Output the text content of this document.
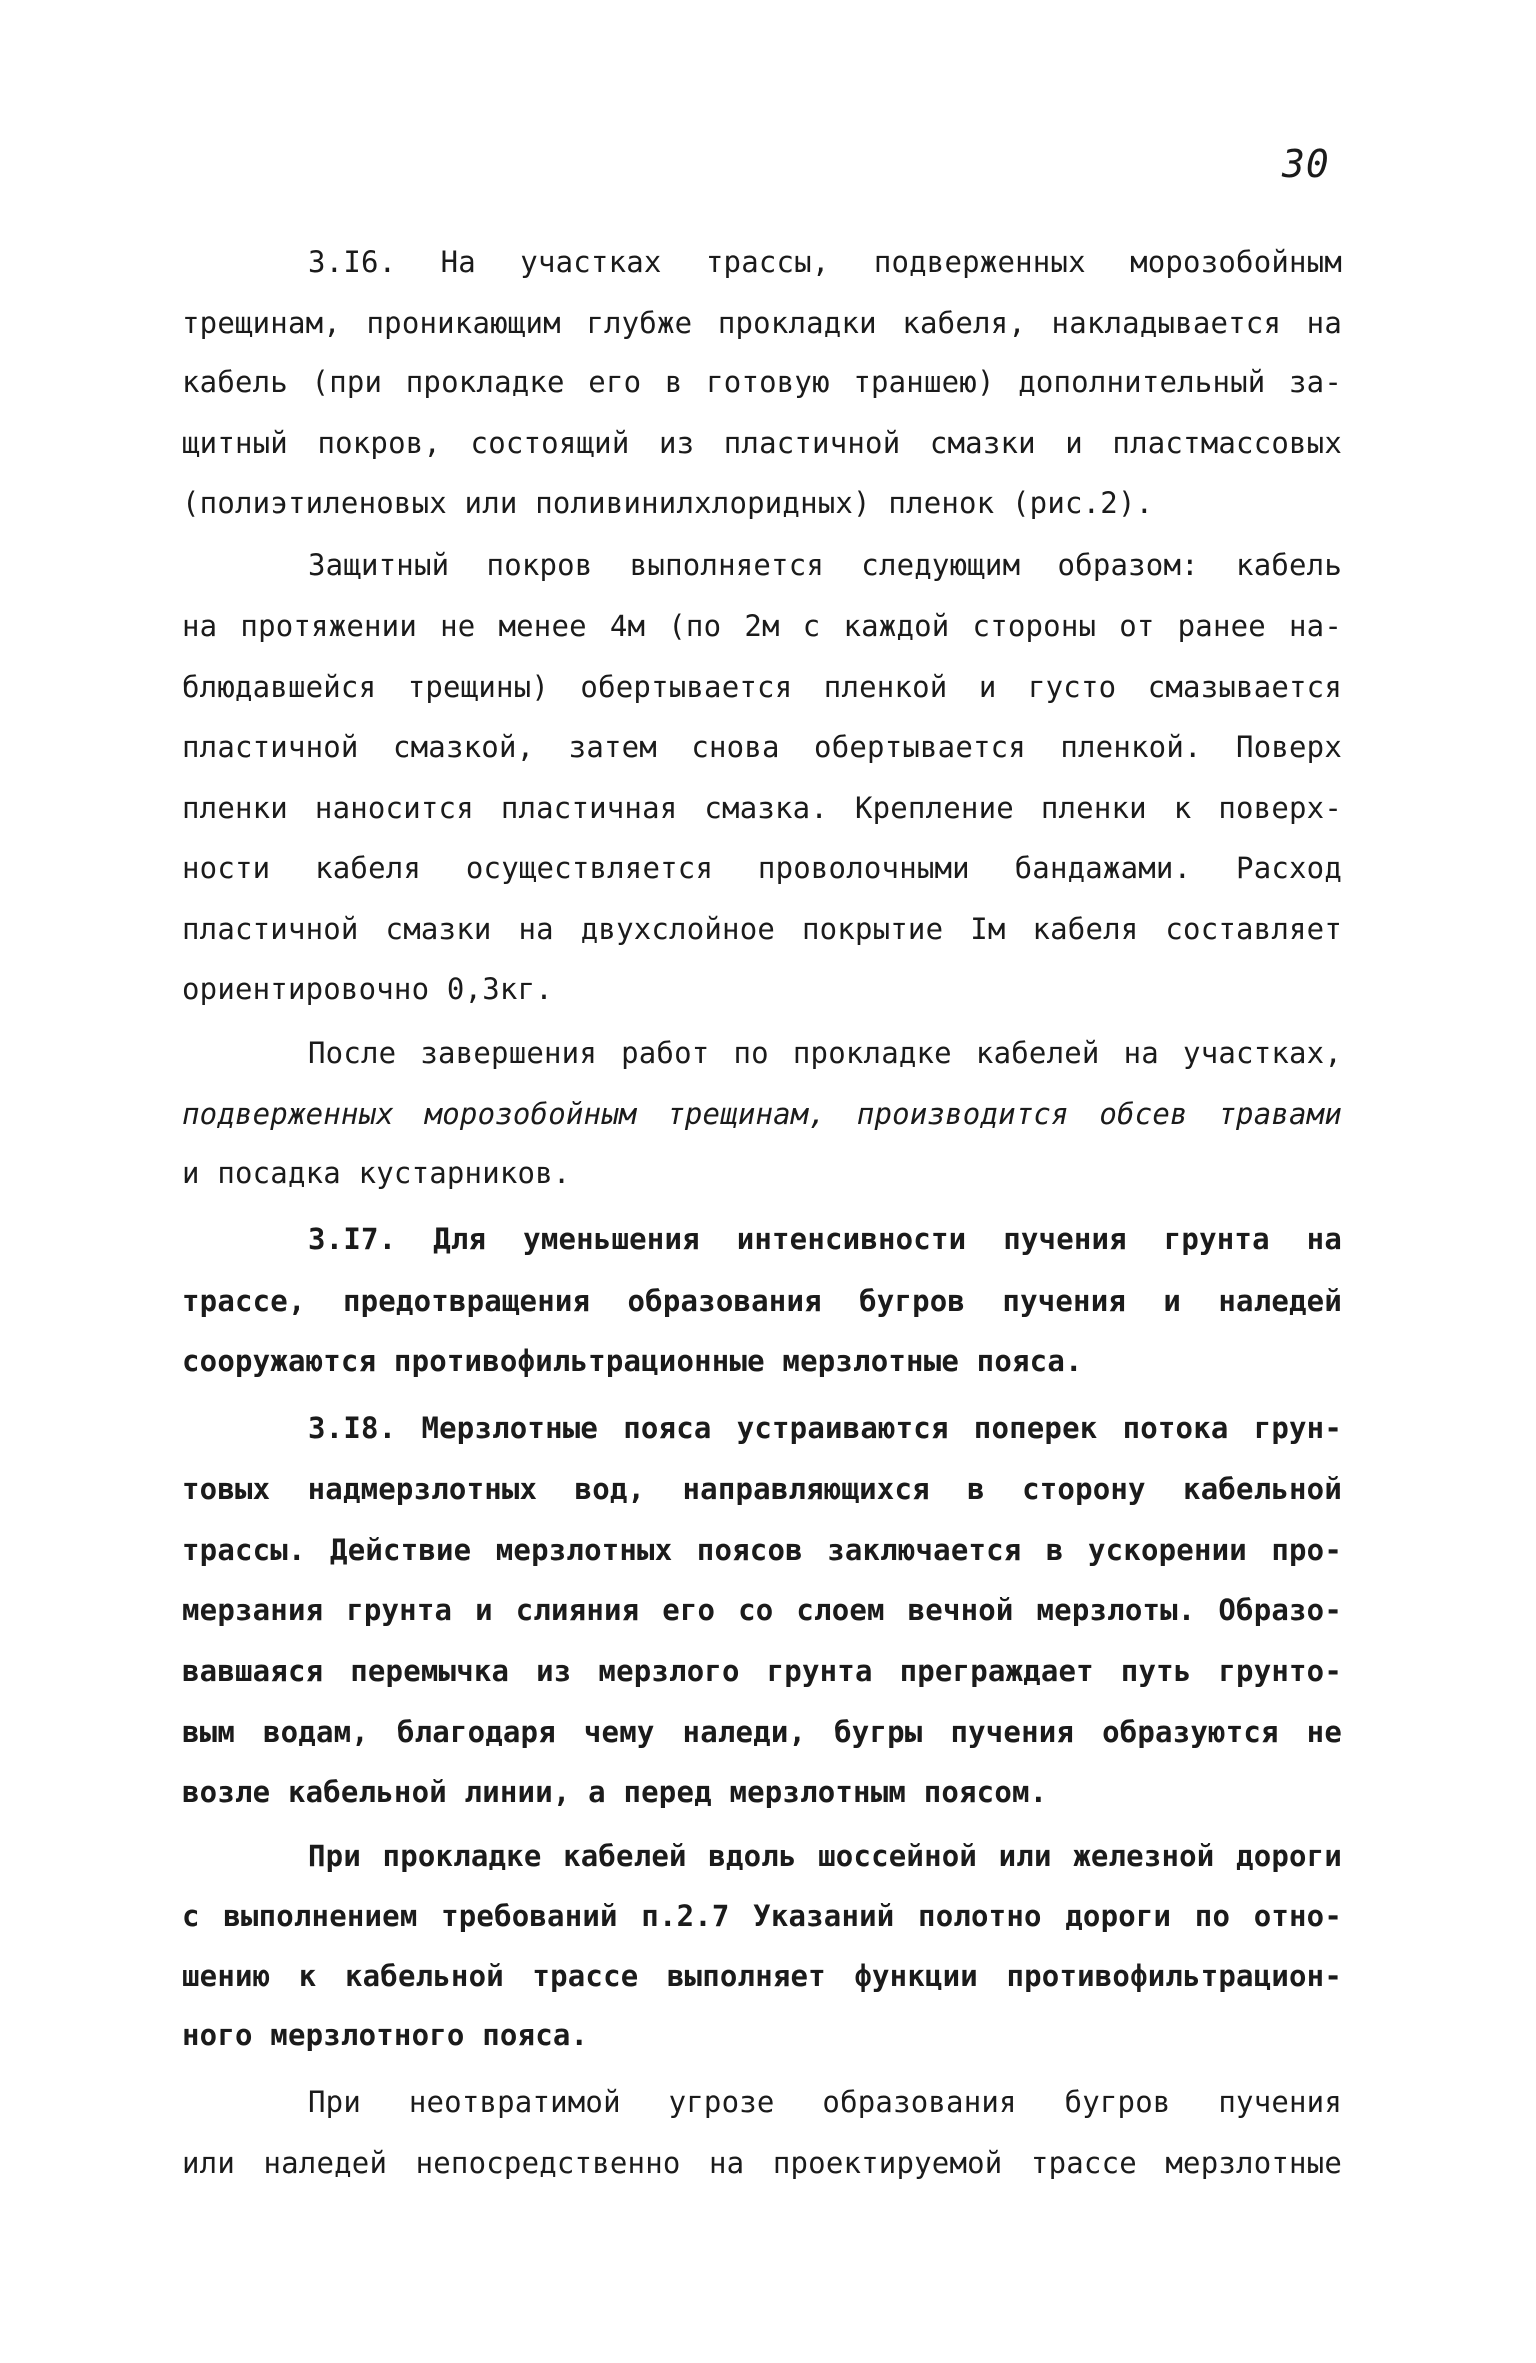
30
3.I6. На участках трассы, подверженных морозобойным
трещинам, проникающим глубже прокладки кабеля, накладывается на
кабель (при прокладке его в готовую траншею) дополнительный за-
щитный покров, состоящий из пластичной смазки и пластмассовых
(полиэтиленовых или поливинилхлоридных) пленок (рис.2).
Защитный покров выполняется следующим образом: кабель
на протяжении не менее 4м (по 2м с каждой стороны от ранее на-
блюдавшейся трещины) обертывается пленкой и густо смазывается
пластичной смазкой, затем снова обертывается пленкой. Поверх
пленки наносится пластичная смазка. Крепление пленки к поверх-
ности кабеля осуществляется проволочными бандажами. Расход
пластичной смазки на двухслойное покрытие Iм кабеля составляет
ориентировочно 0,3кг.
После завершения работ по прокладке кабелей на участках,
подверженных морозобойным трещинам, производится обсев травами
и посадка кустарников.
3.I7. Для уменьшения интенсивности пучения грунта на
трассе, предотвращения образования бугров пучения и наледей
сооружаются противофильтрационные мерзлотные пояса.
3.I8. Мерзлотные пояса устраиваются поперек потока грун-
товых надмерзлотных вод, направляющихся в сторону кабельной
трассы. Действие мерзлотных поясов заключается в ускорении про-
мерзания грунта и слияния его со слоем вечной мерзлоты. Образо-
вавшаяся перемычка из мерзлого грунта преграждает путь грунто-
вым водам, благодаря чему наледи, бугры пучения образуются не
возле кабельной линии, а перед мерзлотным поясом.
При прокладке кабелей вдоль шоссейной или железной дороги
с выполнением требований п.2.7 Указаний полотно дороги по отно-
шению к кабельной трассе выполняет функции противофильтрацион-
ного мерзлотного пояса.
При неотвратимой угрозе образования бугров пучения
или наледей непосредственно на проектируемой трассе мерзлотные
